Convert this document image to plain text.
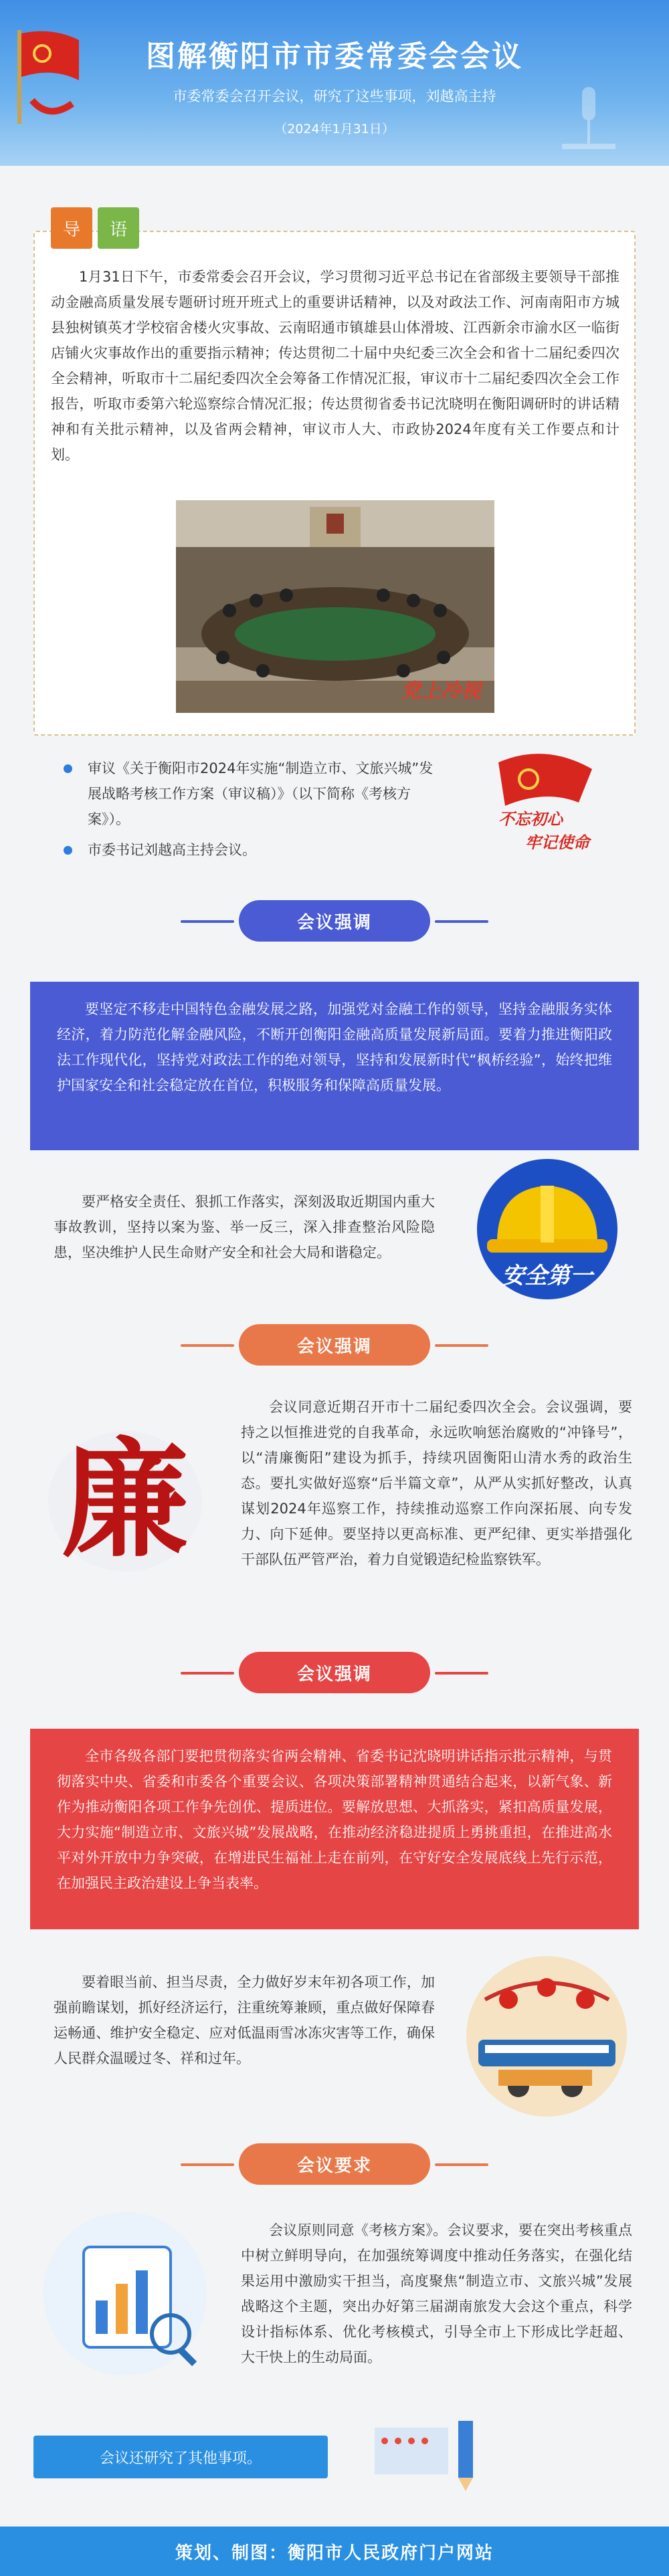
图解衡阳市市委常委会会议
市委常委会召开会议，研究了这些事项，刘越高主持
（2024年1月31日）
导	语
1月31日下午，市委常委会召开会议，学习贯彻习近平总书记在省部级主要领导干部推动金融高质量发展专题研讨班开班式上的重要讲话精神，以及对政法工作、河南南阳市方城县独树镇英才学校宿舍楼火灾事故、云南昭通市镇雄县山体滑坡、江西新余市渝水区一临街店铺火灾事故作出的重要指示精神；传达贯彻二十届中央纪委三次全会和省十二届纪委四次全会精神，听取市十二届纪委四次全会筹备工作情况汇报，审议市十二届纪委四次全会工作报告，听取市委第六轮巡察综合情况汇报；传达贯彻省委书记沈晓明在衡阳调研时的讲话精神和有关批示精神，以及省两会精神，审议市人大、市政协2024年度有关工作要点和计划。
党上冷视
审议《关于衡阳市2024年实施“制造立市、文旅兴城”发展战略考核工作方案（审议稿）》（以下简称《考核方案》）。
市委书记刘越高主持会议。
不忘初心
牢记使命
会议强调
要坚定不移走中国特色金融发展之路，加强党对金融工作的领导，坚持金融服务实体经济，着力防范化解金融风险，不断开创衡阳金融高质量发展新局面。要着力推进衡阳政法工作现代化，坚持党对政法工作的绝对领导，坚持和发展新时代“枫桥经验”，始终把维护国家安全和社会稳定放在首位，积极服务和保障高质量发展。
要严格安全责任、狠抓工作落实，深刻汲取近期国内重大事故教训，坚持以案为鉴、举一反三，深入排查整治风险隐患，坚决维护人民生命财产安全和社会大局和谐稳定。
安全第一
会议强调
廉
会议同意近期召开市十二届纪委四次全会。会议强调，要持之以恒推进党的自我革命，永远吹响惩治腐败的“冲锋号”，以“清廉衡阳”建设为抓手，持续巩固衡阳山清水秀的政治生态。要扎实做好巡察“后半篇文章”，从严从实抓好整改，认真谋划2024年巡察工作，持续推动巡察工作向深拓展、向专发力、向下延伸。要坚持以更高标准、更严纪律、更实举措强化干部队伍严管严治，着力自觉锻造纪检监察铁军。
会议强调
全市各级各部门要把贯彻落实省两会精神、省委书记沈晓明讲话指示批示精神，与贯彻落实中央、省委和市委各个重要会议、各项决策部署精神贯通结合起来，以新气象、新作为推动衡阳各项工作争先创优、提质进位。要解放思想、大抓落实，紧扣高质量发展，大力实施“制造立市、文旅兴城”发展战略，在推动经济稳进提质上勇挑重担，在推进高水平对外开放中力争突破，在增进民生福祉上走在前列，在守好安全发展底线上先行示范，在加强民主政治建设上争当表率。
要着眼当前、担当尽责，全力做好岁末年初各项工作，加强前瞻谋划，抓好经济运行，注重统筹兼顾，重点做好保障春运畅通、维护安全稳定、应对低温雨雪冰冻灾害等工作，确保人民群众温暖过冬、祥和过年。
会议要求
会议原则同意《考核方案》。会议要求，要在突出考核重点中树立鲜明导向，在加强统筹调度中推动任务落实，在强化结果运用中激励实干担当，高度聚焦“制造立市、文旅兴城”发展战略这个主题，突出办好第三届湖南旅发大会这个重点，科学设计指标体系、优化考核模式，引导全市上下形成比学赶超、大干快上的生动局面。
会议还研究了其他事项。
策划、制图：衡阳市人民政府门户网站
